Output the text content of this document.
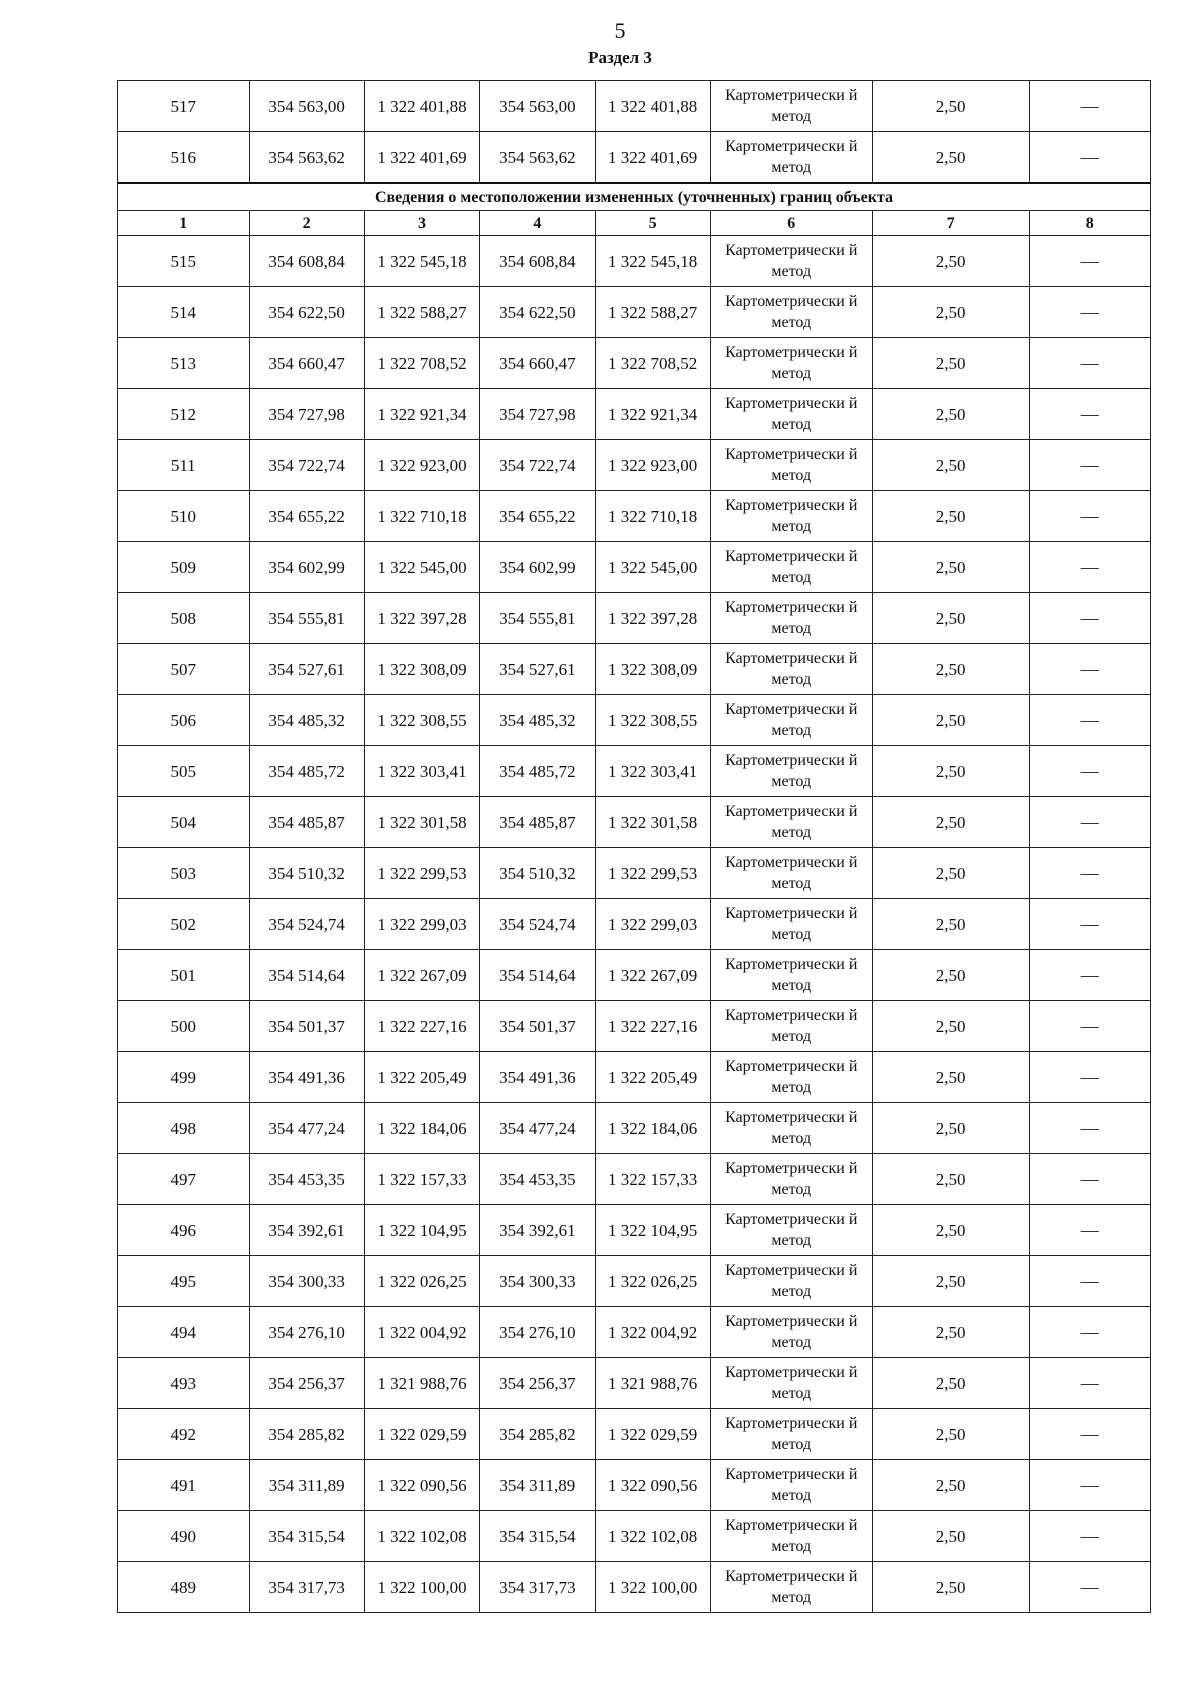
5
Раздел 3
517	354 563,00	1 322 401,88	354 563,00	1 322 401,88	Картометрически й метод	2,50	—
516	354 563,62	1 322 401,69	354 563,62	1 322 401,69	Картометрически й метод	2,50	—
Сведения о местоположении измененных (уточненных) границ объекта							
1	2	3	4	5	6	7	8
515	354 608,84	1 322 545,18	354 608,84	1 322 545,18	Картометрически й метод	2,50	—
514	354 622,50	1 322 588,27	354 622,50	1 322 588,27	Картометрически й метод	2,50	—
513	354 660,47	1 322 708,52	354 660,47	1 322 708,52	Картометрически й метод	2,50	—
512	354 727,98	1 322 921,34	354 727,98	1 322 921,34	Картометрически й метод	2,50	—
511	354 722,74	1 322 923,00	354 722,74	1 322 923,00	Картометрически й метод	2,50	—
510	354 655,22	1 322 710,18	354 655,22	1 322 710,18	Картометрически й метод	2,50	—
509	354 602,99	1 322 545,00	354 602,99	1 322 545,00	Картометрически й метод	2,50	—
508	354 555,81	1 322 397,28	354 555,81	1 322 397,28	Картометрически й метод	2,50	—
507	354 527,61	1 322 308,09	354 527,61	1 322 308,09	Картометрически й метод	2,50	—
506	354 485,32	1 322 308,55	354 485,32	1 322 308,55	Картометрически й метод	2,50	—
505	354 485,72	1 322 303,41	354 485,72	1 322 303,41	Картометрически й метод	2,50	—
504	354 485,87	1 322 301,58	354 485,87	1 322 301,58	Картометрически й метод	2,50	—
503	354 510,32	1 322 299,53	354 510,32	1 322 299,53	Картометрически й метод	2,50	—
502	354 524,74	1 322 299,03	354 524,74	1 322 299,03	Картометрически й метод	2,50	—
501	354 514,64	1 322 267,09	354 514,64	1 322 267,09	Картометрически й метод	2,50	—
500	354 501,37	1 322 227,16	354 501,37	1 322 227,16	Картометрически й метод	2,50	—
499	354 491,36	1 322 205,49	354 491,36	1 322 205,49	Картометрически й метод	2,50	—
498	354 477,24	1 322 184,06	354 477,24	1 322 184,06	Картометрически й метод	2,50	—
497	354 453,35	1 322 157,33	354 453,35	1 322 157,33	Картометрически й метод	2,50	—
496	354 392,61	1 322 104,95	354 392,61	1 322 104,95	Картометрически й метод	2,50	—
495	354 300,33	1 322 026,25	354 300,33	1 322 026,25	Картометрически й метод	2,50	—
494	354 276,10	1 322 004,92	354 276,10	1 322 004,92	Картометрически й метод	2,50	—
493	354 256,37	1 321 988,76	354 256,37	1 321 988,76	Картометрически й метод	2,50	—
492	354 285,82	1 322 029,59	354 285,82	1 322 029,59	Картометрически й метод	2,50	—
491	354 311,89	1 322 090,56	354 311,89	1 322 090,56	Картометрически й метод	2,50	—
490	354 315,54	1 322 102,08	354 315,54	1 322 102,08	Картометрически й метод	2,50	—
489	354 317,73	1 322 100,00	354 317,73	1 322 100,00	Картометрически й метод	2,50	—
